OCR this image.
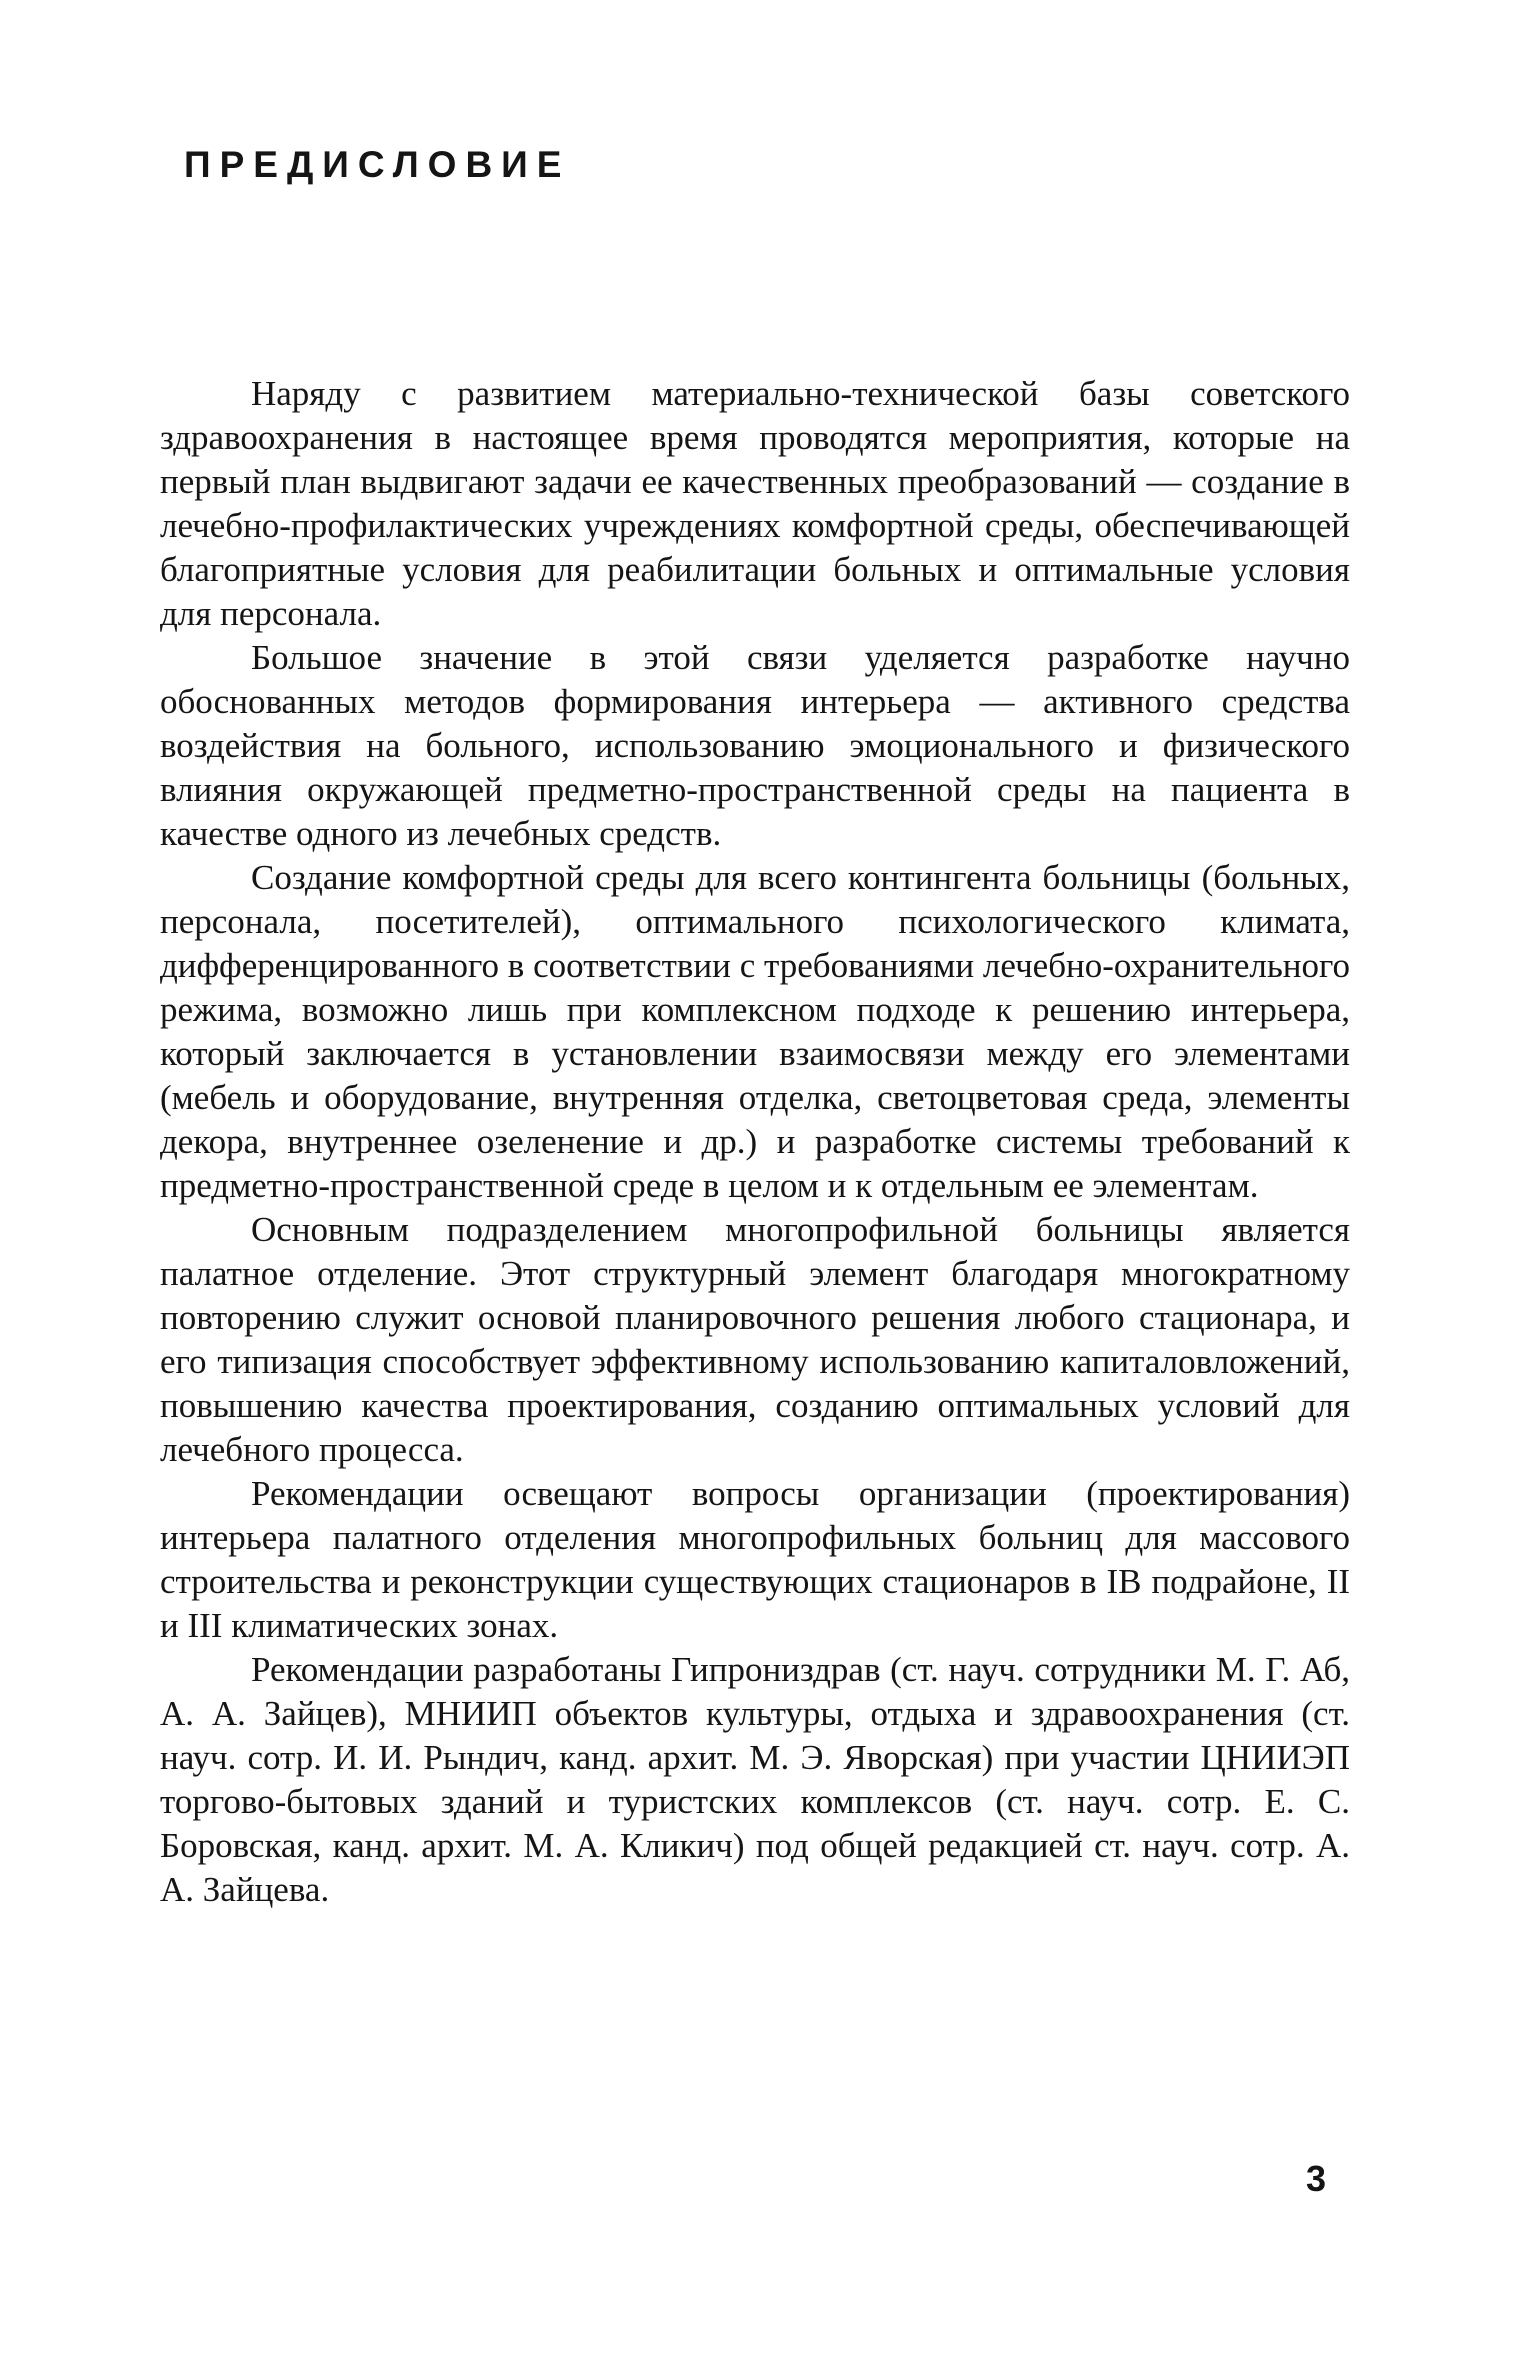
ПРЕДИСЛОВИЕ

Наряду с развитием материально-технической базы советского здравоохранения в настоящее время проводятся мероприятия, которые на первый план выдвигают задачи ее качественных преобразований — создание в лечебно-профилактических учреждениях комфортной среды, обеспечивающей благоприятные условия для реабилитации больных и оптимальные условия для персонала.

Большое значение в этой связи уделяется разработке научно обоснованных методов формирования интерьера — активного средства воздействия на больного, использованию эмоционального и физического влияния окружающей предметно-пространственной среды на пациента в качестве одного из лечебных средств.

Создание комфортной среды для всего контингента больницы (больных, персонала, посетителей), оптимального психологического климата, дифференцированного в соответствии с требованиями лечебно-охранительного режима, возможно лишь при комплексном подходе к решению интерьера, который заключается в установлении взаимосвязи между его элементами (мебель и оборудование, внутренняя отделка, светоцветовая среда, элементы декора, внутреннее озеленение и др.) и разработке системы требований к предметно-пространственной среде в целом и к отдельным ее элементам.

Основным подразделением многопрофильной больницы является палатное отделение. Этот структурный элемент благодаря многократному повторению служит основой планировочного решения любого стационара, и его типизация способствует эффективному использованию капиталовложений, повышению качества проектирования, созданию оптимальных условий для лечебного процесса.

Рекомендации освещают вопросы организации (проектирования) интерьера палатного отделения многопрофильных больниц для массового строительства и реконструкции существующих стационаров в IB подрайоне, II и III климатических зонах.

Рекомендации разработаны Гипрониздрав (ст. науч. сотрудники М. Г. Аб, А. А. Зайцев), МНИИП объектов культуры, отдыха и здравоохранения (ст. науч. сотр. И. И. Рындич, канд. архит. М. Э. Яворская) при участии ЦНИИЭП торгово-бытовых зданий и туристских комплексов (ст. науч. сотр. Е. С. Боровская, канд. архит. М. А. Кликич) под общей редакцией ст. науч. сотр. А. А. Зайцева.

3
